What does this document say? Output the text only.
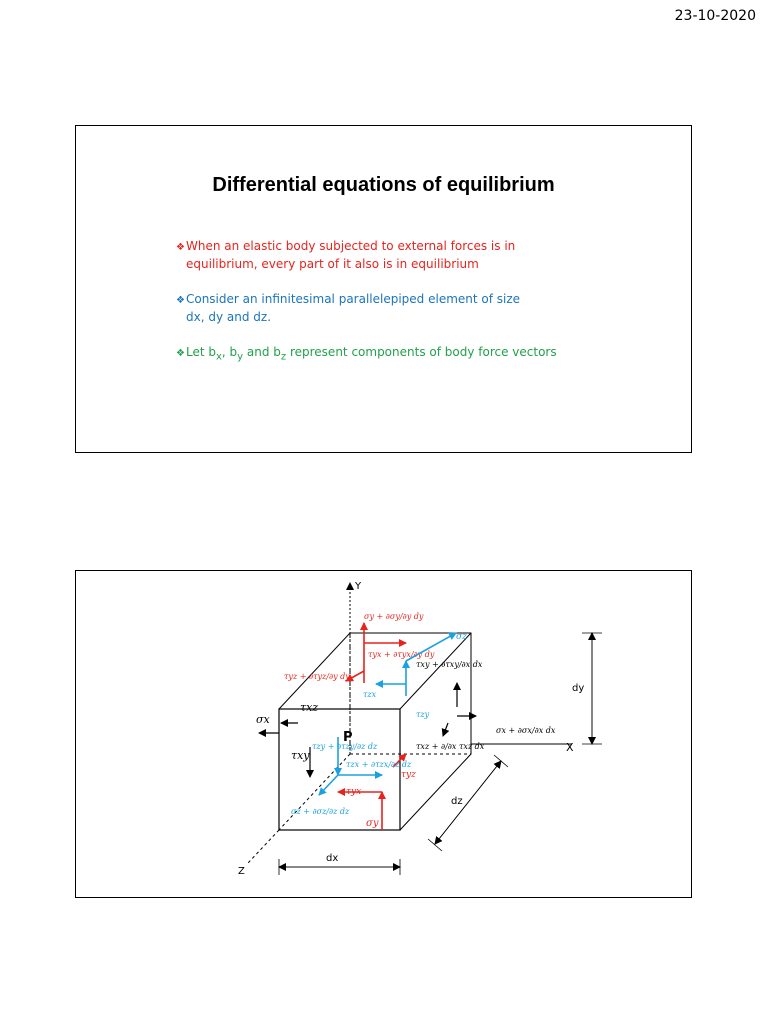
23-10-2020
Differential equations of equilibrium
❖When an elastic body subjected to external forces is in
equilibrium, every part of it also is in equilibrium
❖Consider an infinitesimal parallelepiped element of size
dx, dy and dz.
❖Let $b_x$, $b_y$ and $b_z$ represent components of body force vectors
Y
X
Z
dy
dx
dz
σx
τxz
τxy
P
τxy + ∂τxy/∂x dx
σx + ∂σx/∂x dx
τxz + ∂/∂x τxz dx
σy + ∂σy/∂y dy
τyx + ∂τyx/∂y dy
τyz + ∂τyz/∂y dy
σy
τyx
τyz
σz
τzx
τzy
τzy + ∂τzy/∂z dz
τzx + ∂τzx/∂z dz
σz + ∂σz/∂z dz
